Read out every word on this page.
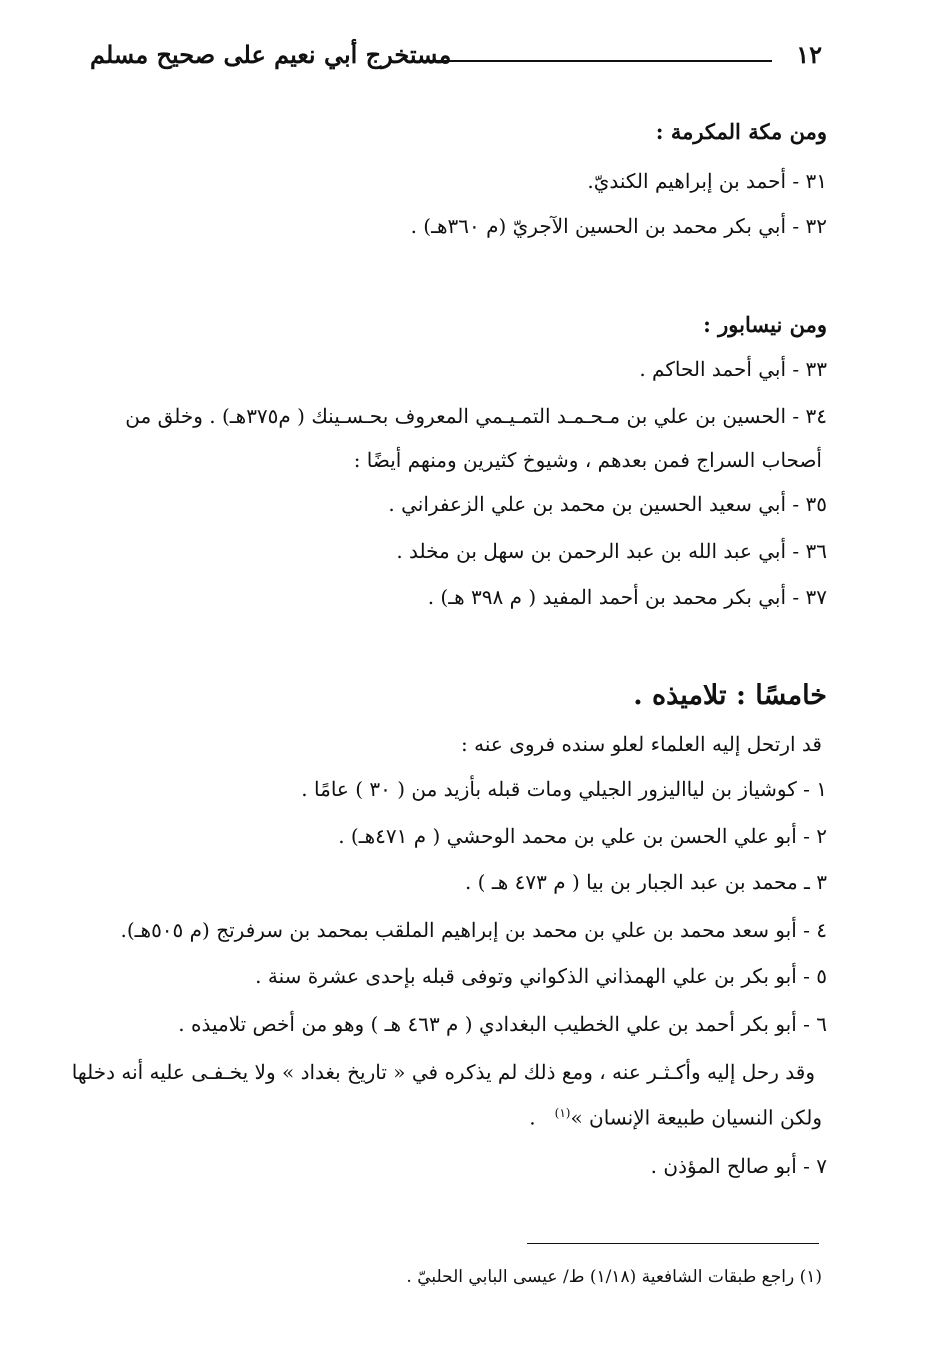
١٢
مستخرج أبي نعيم على صحيح مسلم
ومن مكة المكرمة :
٣١ - أحمد بن إبراهيم الكنديّ.
٣٢ - أبي بكر محمد بن الحسين الآجريّ (م ٣٦٠هـ) .
ومن نيسابور :
٣٣ - أبي أحمد الحاكم .
٣٤ - الحسين بن علي بن مـحـمـد التمـيـمي المعروف بحـسـينك ( م٣٧٥هـ) . وخلق من
أصحاب السراج فمن بعدهم ، وشيوخ كثيرين ومنهم أيضًا :
٣٥ - أبي سعيد الحسين بن محمد بن علي الزعفراني .
٣٦ - أبي عبد الله بن عبد الرحمن بن سهل بن مخلد .
٣٧ - أبي بكر محمد بن أحمد المفيد ( م ٣٩٨ هـ) .
خامسًا : تلاميذه .
قد ارتحل إليه العلماء لعلو سنده فروى عنه :
١ - كوشياز بن ليااليزور الجيلي ومات قبله بأزيد من ( ٣٠ ) عامًا .
٢ - أبو علي الحسن بن علي بن محمد الوحشي ( م ٤٧١هـ) .
٣ ـ محمد بن عبد الجبار بن بيا ( م ٤٧٣ هـ ) .
٤ - أبو سعد محمد بن علي بن محمد بن إبراهيم الملقب بمحمد بن سرفرتج (م ٥٠٥هـ).
٥ - أبو بكر بن علي الهمذاني الذكواني وتوفى قبله بإحدى عشرة سنة .
٦ - أبو بكر أحمد بن علي الخطيب البغدادي ( م ٤٦٣ هـ ) وهو من أخص تلاميذه .
وقد رحل إليه وأكـثـر عنه ، ومع ذلك لم يذكره في « تاريخ بغداد » ولا يخـفـى عليه أنه دخلها
ولكن النسيان طبيعة الإنسان »$^{(١)}$   .
٧ - أبو صالح المؤذن .
(١) راجع طبقات الشافعية (١/١٨) ط/ عيسى البابي الحلبيّ .
